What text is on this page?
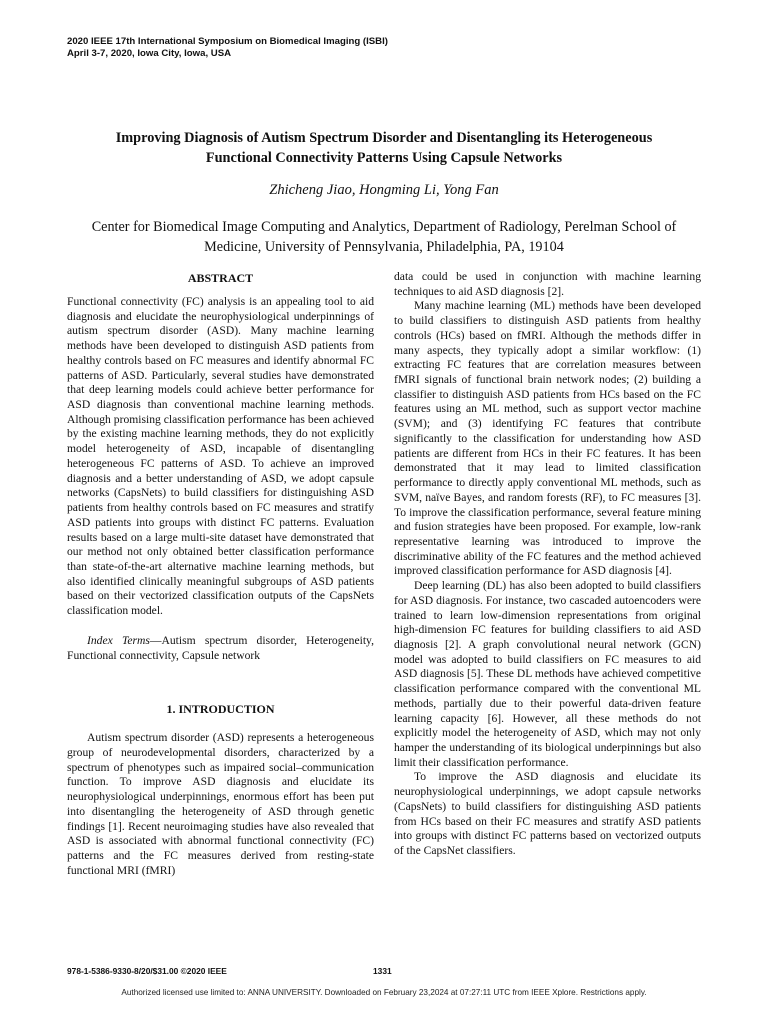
2020 IEEE 17th International Symposium on Biomedical Imaging (ISBI)
April 3-7, 2020, Iowa City, Iowa, USA
Improving Diagnosis of Autism Spectrum Disorder and Disentangling its Heterogeneous
Functional Connectivity Patterns Using Capsule Networks
Zhicheng Jiao, Hongming Li, Yong Fan
Center for Biomedical Image Computing and Analytics, Department of Radiology, Perelman School of
Medicine, University of Pennsylvania, Philadelphia, PA, 19104
ABSTRACT

Functional connectivity (FC) analysis is an appealing tool to aid diagnosis and elucidate the neurophysiological underpinnings of autism spectrum disorder (ASD). Many machine learning methods have been developed to distinguish ASD patients from healthy controls based on FC measures and identify abnormal FC patterns of ASD. Particularly, several studies have demonstrated that deep learning models could achieve better performance for ASD diagnosis than conventional machine learning methods. Although promising classification performance has been achieved by the existing machine learning methods, they do not explicitly model heterogeneity of ASD, incapable of disentangling heterogeneous FC patterns of ASD. To achieve an improved diagnosis and a better understanding of ASD, we adopt capsule networks (CapsNets) to build classifiers for distinguishing ASD patients from healthy controls based on FC measures and stratify ASD patients into groups with distinct FC patterns. Evaluation results based on a large multi-site dataset have demonstrated that our method not only obtained better classification performance than state-of-the-art alternative machine learning methods, but also identified clinically meaningful subgroups of ASD patients based on their vectorized classification outputs of the CapsNets classification model.

Index Terms—Autism spectrum disorder, Heterogeneity, Functional connectivity, Capsule network

1. INTRODUCTION

Autism spectrum disorder (ASD) represents a heterogeneous group of neurodevelopmental disorders, characterized by a spectrum of phenotypes such as impaired social–communication function. To improve ASD diagnosis and elucidate its neurophysiological underpinnings, enormous effort has been put into disentangling the heterogeneity of ASD through genetic findings [1]. Recent neuroimaging studies have also revealed that ASD is associated with abnormal functional connectivity (FC) patterns and the FC measures derived from resting-state functional MRI (fMRI)

data could be used in conjunction with machine learning techniques to aid ASD diagnosis [2].

Many machine learning (ML) methods have been developed to build classifiers to distinguish ASD patients from healthy controls (HCs) based on fMRI. Although the methods differ in many aspects, they typically adopt a similar workflow: (1) extracting FC features that are correlation measures between fMRI signals of functional brain network nodes; (2) building a classifier to distinguish ASD patients from HCs based on the FC features using an ML method, such as support vector machine (SVM); and (3) identifying FC features that contribute significantly to the classification for understanding how ASD patients are different from HCs in their FC features. It has been demonstrated that it may lead to limited classification performance to directly apply conventional ML methods, such as SVM, naïve Bayes, and random forests (RF), to FC measures [3]. To improve the classification performance, several feature mining and fusion strategies have been proposed. For example, low-rank representative learning was introduced to improve the discriminative ability of the FC features and the method achieved improved classification performance for ASD diagnosis [4].

Deep learning (DL) has also been adopted to build classifiers for ASD diagnosis. For instance, two cascaded autoencoders were trained to learn low-dimension representations from original high-dimension FC features for building classifiers to aid ASD diagnosis [2]. A graph convolutional neural network (GCN) model was adopted to build classifiers on FC measures to aid ASD diagnosis [5]. These DL methods have achieved competitive classification performance compared with the conventional ML methods, partially due to their powerful data-driven feature learning capacity [6]. However, all these methods do not explicitly model the heterogeneity of ASD, which may not only hamper the understanding of its biological underpinnings but also limit their classification performance.

To improve the ASD diagnosis and elucidate its neurophysiological underpinnings, we adopt capsule networks (CapsNets) to build classifiers for distinguishing ASD patients from HCs based on their FC measures and stratify ASD patients into groups with distinct FC patterns based on vectorized outputs of the CapsNet classifiers.

978-1-5386-9330-8/20/$31.00 ©2020 IEEE	1331
Authorized licensed use limited to: ANNA UNIVERSITY. Downloaded on February 23,2024 at 07:27:11 UTC from IEEE Xplore. Restrictions apply.
